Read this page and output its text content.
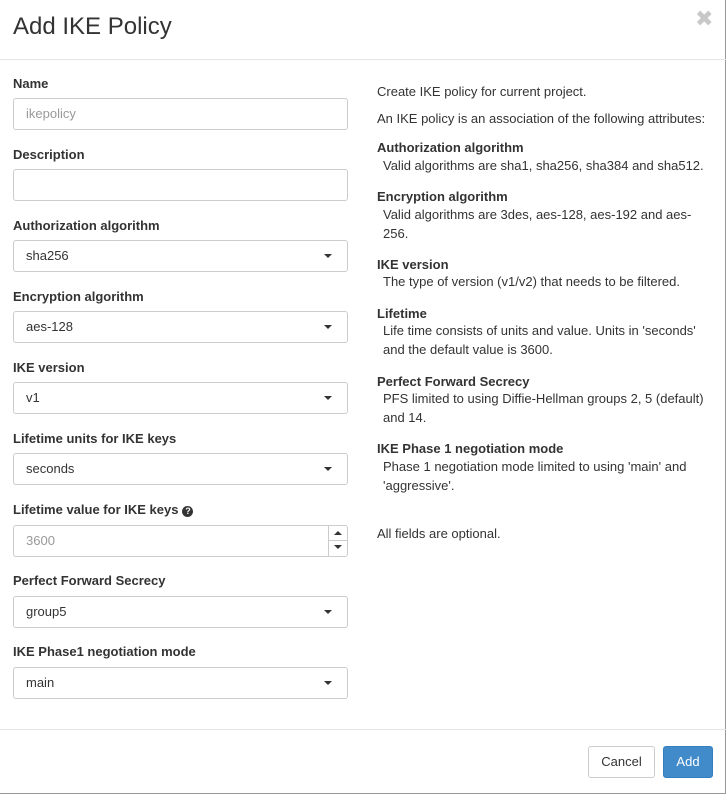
Add IKE Policy	✖
Name
ikepolicy
Description
Authorization algorithm
sha256
Encryption algorithm
aes-128
IKE version
v1
Lifetime units for IKE keys
seconds
Lifetime value for IKE keys ?
3600
Perfect Forward Secrecy
group5
IKE Phase1 negotiation mode
main

Create IKE policy for current project.

An IKE policy is an association of the following attributes:

Authorization algorithm
Valid algorithms are sha1, sha256, sha384 and sha512.
Encryption algorithm
Valid algorithms are 3des, aes-128, aes-192 and aes-256.
IKE version
The type of version (v1/v2) that needs to be filtered.
Lifetime
Life time consists of units and value. Units in 'seconds' and the default value is 3600.
Perfect Forward Secrecy
PFS limited to using Diffie-Hellman groups 2, 5 (default) and 14.
IKE Phase 1 negotiation mode
Phase 1 negotiation mode limited to using 'main' and 'aggressive'.

All fields are optional.

Cancel	Add
